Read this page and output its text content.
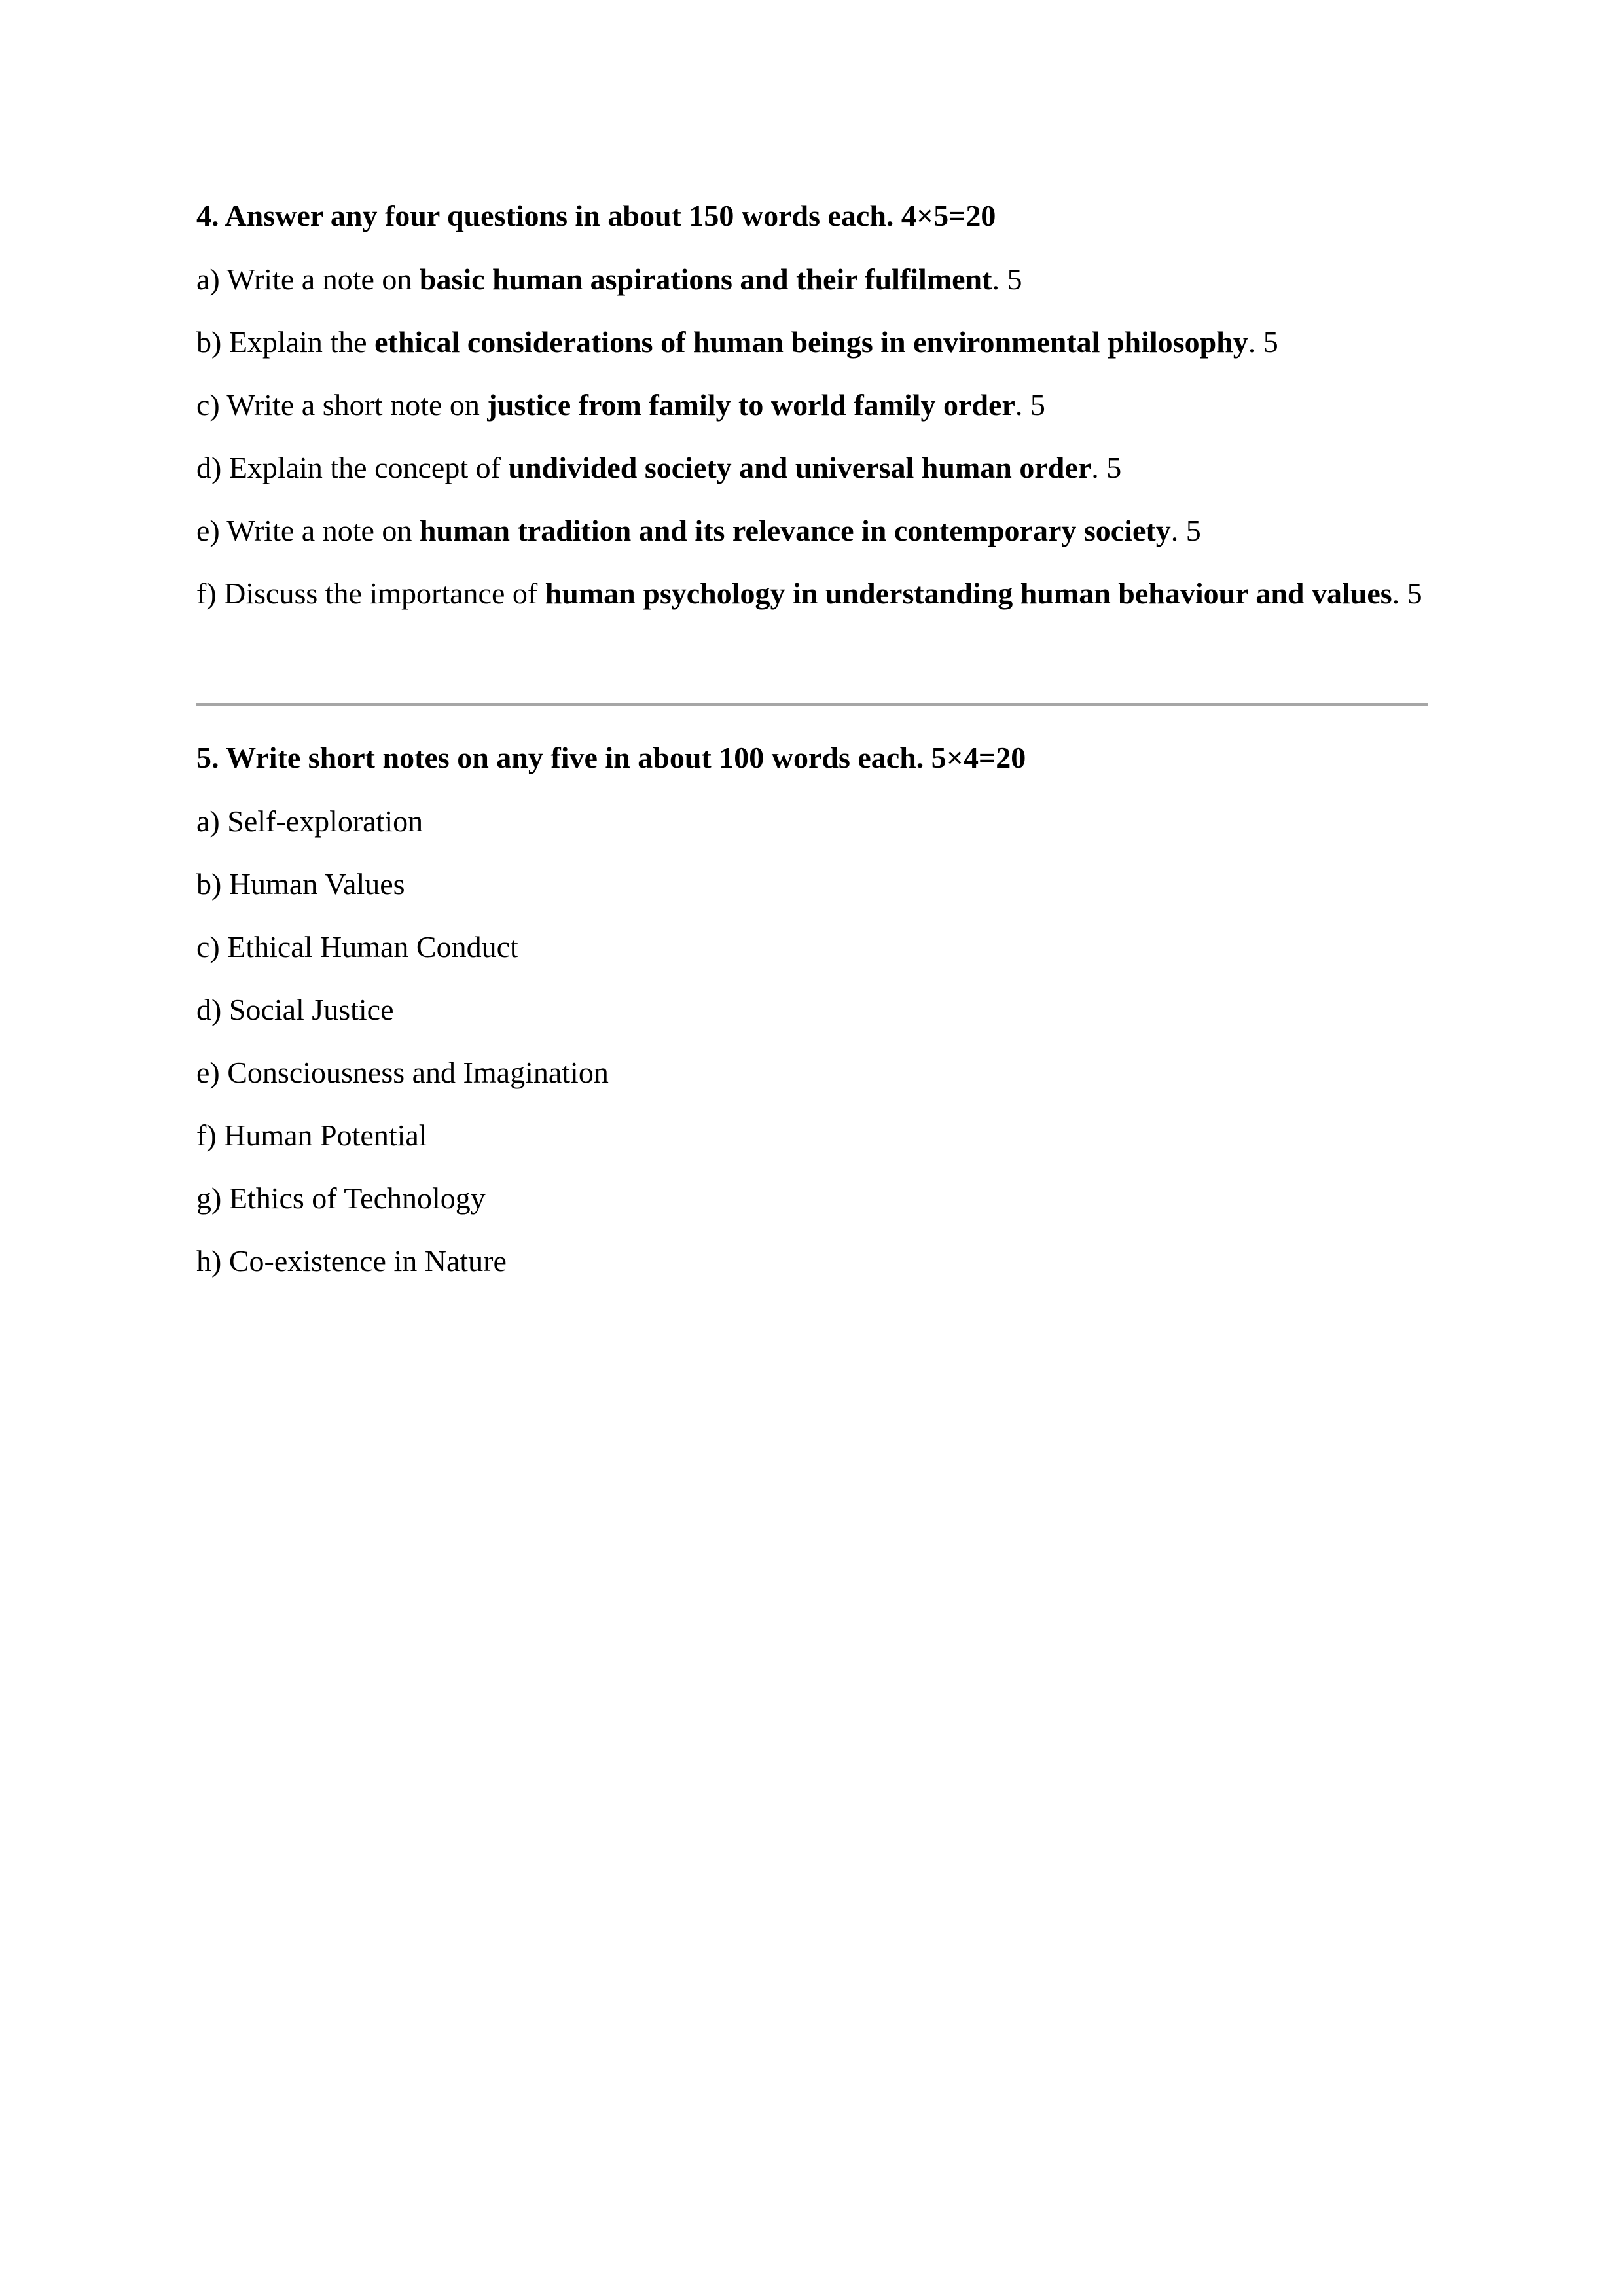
4. Answer any four questions in about 150 words each. 4×5=20

a) Write a note on basic human aspirations and their fulfilment. 5

b) Explain the ethical considerations of human beings in environmental philosophy. 5

c) Write a short note on justice from family to world family order. 5

d) Explain the concept of undivided society and universal human order. 5

e) Write a note on human tradition and its relevance in contemporary society. 5

f) Discuss the importance of human psychology in understanding human behaviour and values. 5

5. Write short notes on any five in about 100 words each. 5×4=20

a) Self-exploration

b) Human Values

c) Ethical Human Conduct

d) Social Justice

e) Consciousness and Imagination

f) Human Potential

g) Ethics of Technology

h) Co-existence in Nature
